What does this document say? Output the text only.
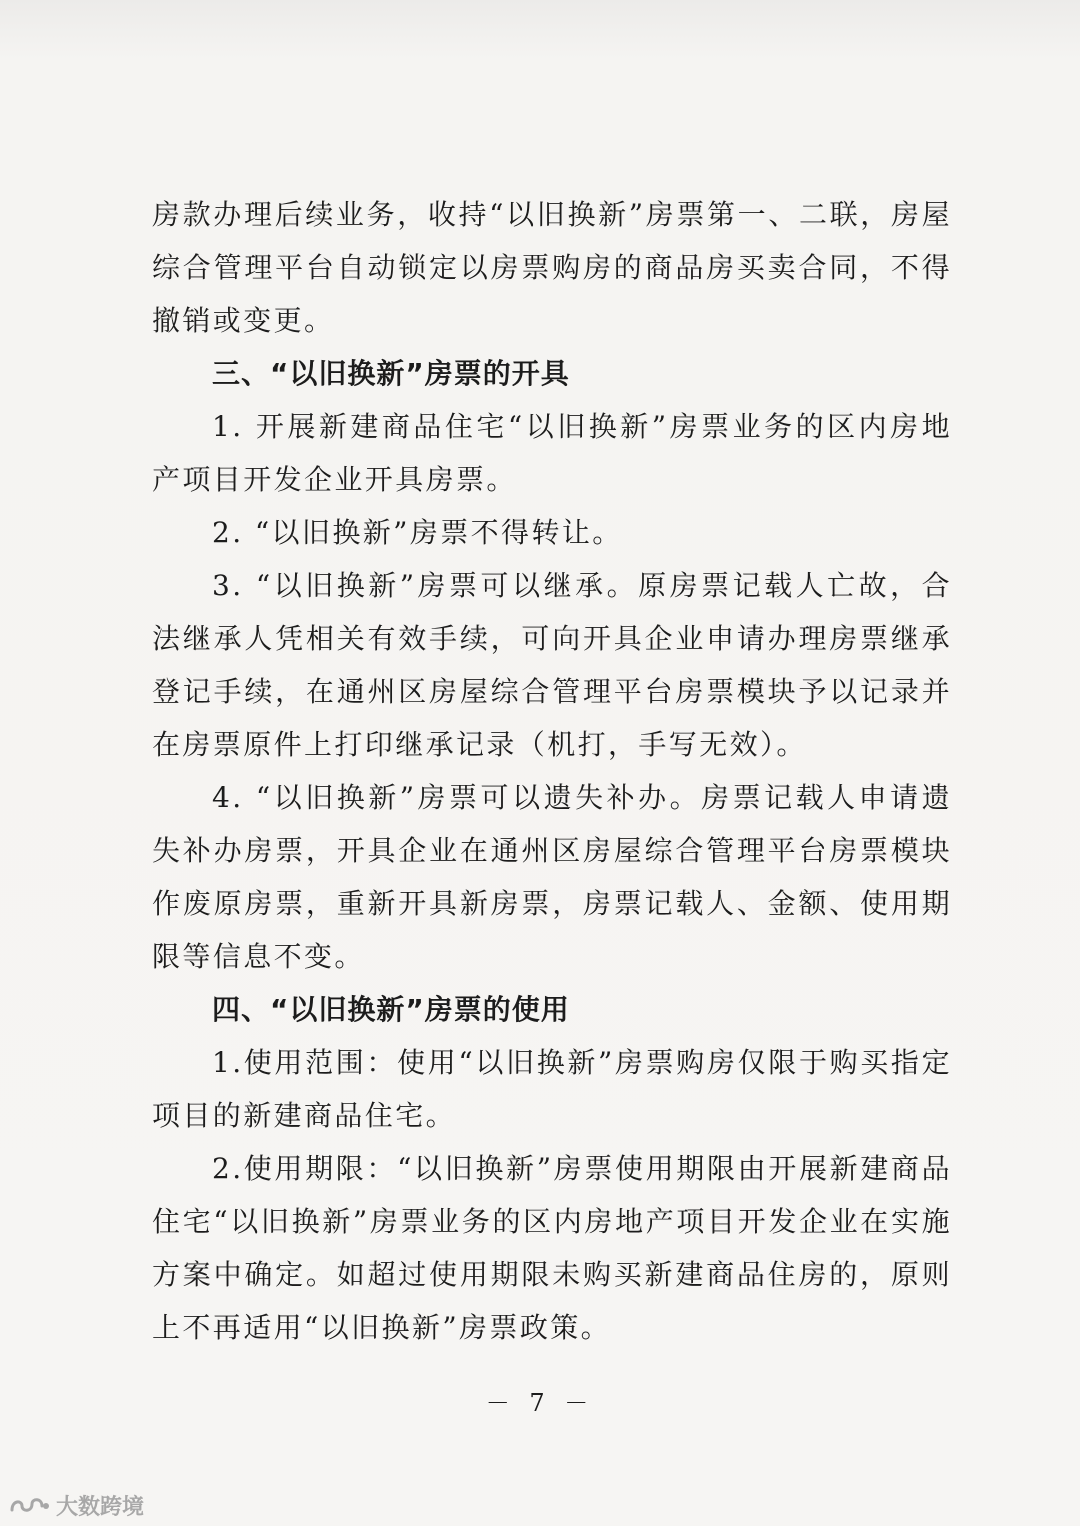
房款办理后续业务，收持“以旧换新”房票第一、二联，房屋综合管理平台自动锁定以房票购房的商品房买卖合同，不得撤销或变更。

三、“以旧换新”房票的开具

1. 开展新建商品住宅“以旧换新”房票业务的区内房地产项目开发企业开具房票。

2. “以旧换新”房票不得转让。

3. “以旧换新”房票可以继承。原房票记载人亡故，合法继承人凭相关有效手续，可向开具企业申请办理房票继承登记手续，在通州区房屋综合管理平台房票模块予以记录并在房票原件上打印继承记录（机打，手写无效）。

4. “以旧换新”房票可以遗失补办。房票记载人申请遗失补办房票，开具企业在通州区房屋综合管理平台房票模块作废原房票，重新开具新房票，房票记载人、金额、使用期限等信息不变。

四、“以旧换新”房票的使用

1.使用范围：使用“以旧换新”房票购房仅限于购买指定项目的新建商品住宅。

2.使用期限：“以旧换新”房票使用期限由开展新建商品住宅“以旧换新”房票业务的区内房地产项目开发企业在实施方案中确定。如超过使用期限未购买新建商品住房的，原则上不再适用“以旧换新”房票政策。

－ 7 －
大数跨境
